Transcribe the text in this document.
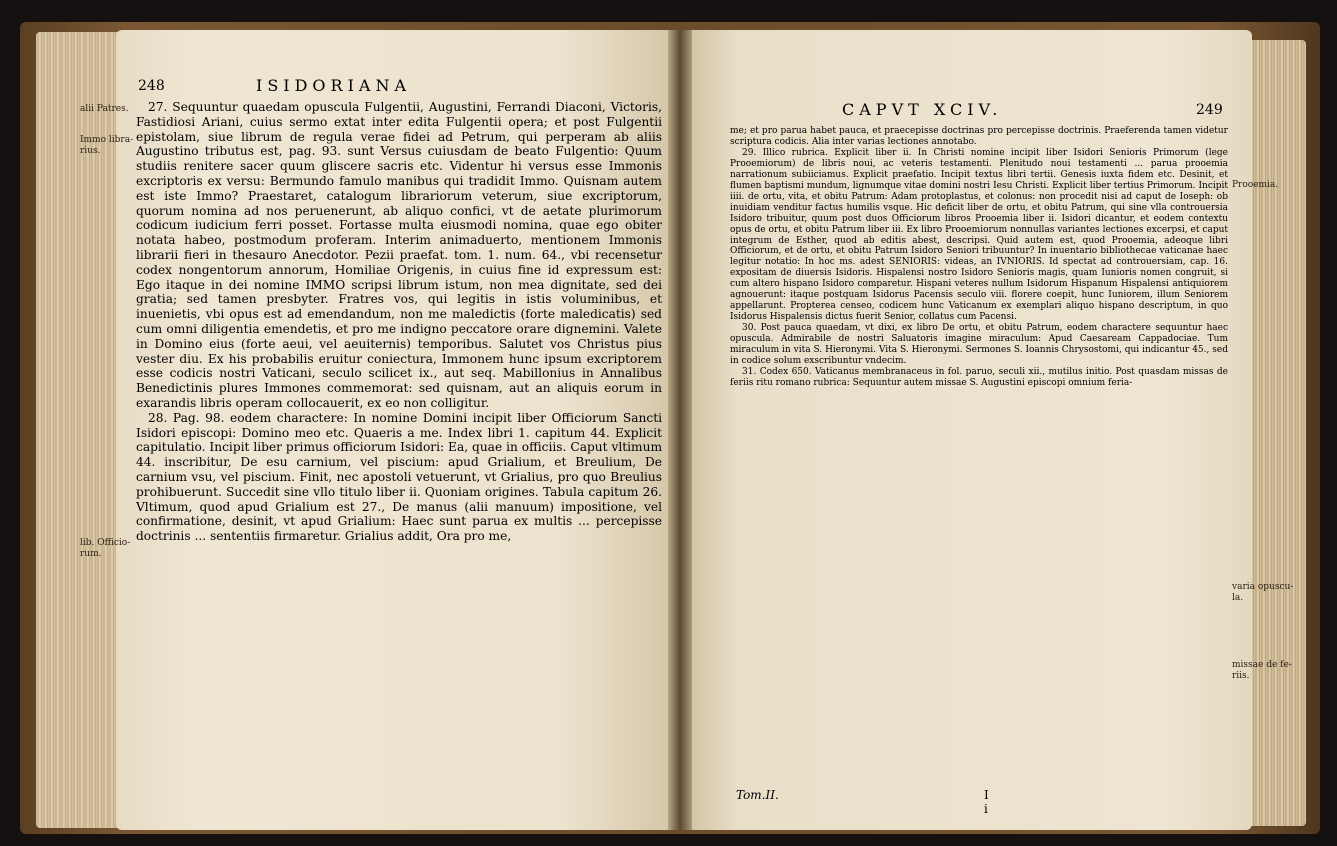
248	ISIDORIANA
alii Patres.
Immo libra-
rius.
lib. Officio-
rum.

27. Sequuntur quaedam opuscula Fulgentii, Augustini, Ferrandi Diaconi, Victoris, Fastidiosi Ariani, cuius sermo extat inter edita Fulgentii opera; et post Fulgentii epistolam, siue librum de regula verae fidei ad Petrum, qui perperam ab aliis Augustino tributus est, pag. 93. sunt Versus cuiusdam de beato Fulgentio: Quum studiis renitere sacer quum gliscere sacris etc. Videntur hi versus esse Immonis excriptoris ex versu: Bermundo famulo manibus qui tradidit Immo. Quisnam autem est iste Immo? Praestaret, catalogum librariorum veterum, siue excriptorum, quorum nomina ad nos peruenerunt, ab aliquo confici, vt de aetate plurimorum codicum iudicium ferri posset. Fortasse multa eiusmodi nomina, quae ego obiter notata habeo, postmodum proferam. Interim animaduerto, mentionem Immonis librarii fieri in thesauro Anecdotor. Pezii praefat. tom. 1. num. 64., vbi recensetur codex nongentorum annorum, Homiliae Origenis, in cuius fine id expressum est: Ego itaque in dei nomine IMMO scripsi librum istum, non mea dignitate, sed dei gratia; sed tamen presbyter. Fratres vos, qui legitis in istis voluminibus, et inuenietis, vbi opus est ad emendandum, non me maledictis (forte maledicatis) sed cum omni diligentia emendetis, et pro me indigno peccatore orare dignemini. Valete in Domino eius (forte aeui, vel aeuiternis) temporibus. Salutet vos Christus pius vester diu. Ex his probabilis eruitur coniectura, Immonem hunc ipsum excriptorem esse codicis nostri Vaticani, seculo scilicet ix., aut seq. Mabillonius in Annalibus Benedictinis plures Immones commemorat: sed quisnam, aut an aliquis eorum in exarandis libris operam collocauerit, ex eo non colligitur.

28. Pag. 98. eodem charactere: In nomine Domini incipit liber Officiorum Sancti Isidori episcopi: Domino meo etc. Quaeris a me. Index libri 1. capitum 44. Explicit capitulatio. Incipit liber primus officiorum Isidori: Ea, quae in officiis. Caput vltimum 44. inscribitur, De esu carnium, vel piscium: apud Grialium, et Breulium, De carnium vsu, vel piscium. Finit, nec apostoli vetuerunt, vt Grialius, pro quo Breulius prohibuerunt. Succedit sine vllo titulo liber ii. Quoniam origines. Tabula capitum 26. Vltimum, quod apud Grialium est 27., De manus (alii manuum) impositione, vel confirmatione, desinit, vt apud Grialium: Haec sunt parua ex multis ... percepisse doctrinis ... sententiis firmaretur. Grialius addit, Ora pro me,

CAPVT XCIV.	249
Prooemia.
varia opuscu-
la.
missae de fe-
riis.

me; et pro parua habet pauca, et praecepisse doctrinas pro percepisse doctrinis. Praeferenda tamen videtur scriptura codicis. Alia inter varias lectiones annotabo.

29. Illico rubrica. Explicit liber ii. In Christi nomine incipit liber Isidori Senioris Primorum (lege Prooemiorum) de libris noui, ac veteris testamenti. Plenitudo noui testamenti ... parua prooemia narrationum subiiciamus. Explicit praefatio. Incipit textus libri tertii. Genesis iuxta fidem etc. Desinit, et flumen baptismi mundum, lignumque vitae domini nostri Iesu Christi. Explicit liber tertius Primorum. Incipit iiii. de ortu, vita, et obitu Patrum: Adam protoplastus, et colonus: non procedit nisi ad caput de Ioseph: ob inuidiam venditur factus humilis vsque. Hic deficit liber de ortu, et obitu Patrum, qui sine vlla controuersia Isidoro tribuitur, quum post duos Officiorum libros Prooemia liber ii. Isidori dicantur, et eodem contextu opus de ortu, et obitu Patrum liber iii. Ex libro Prooemiorum nonnullas variantes lectiones excerpsi, et caput integrum de Esther, quod ab editis abest, descripsi. Quid autem est, quod Prooemia, adeoque libri Officiorum, et de ortu, et obitu Patrum Isidoro Seniori tribuuntur? In inuentario bibliothecae vaticanae haec legitur notatio: In hoc ms. adest SENIORIS: videas, an IVNIORIS. Id spectat ad controuersiam, cap. 16. expositam de diuersis Isidoris. Hispalensi nostro Isidoro Senioris magis, quam Iunioris nomen congruit, si cum altero hispano Isidoro comparetur. Hispani veteres nullum Isidorum Hispanum Hispalensi antiquiorem agnouerunt: itaque postquam Isidorus Pacensis seculo viii. florere coepit, hunc Iuniorem, illum Seniorem appellarunt. Propterea censeo, codicem hunc Vaticanum ex exemplari aliquo hispano descriptum, in quo Isidorus Hispalensis dictus fuerit Senior, collatus cum Pacensi.

30. Post pauca quaedam, vt dixi, ex libro De ortu, et obitu Patrum, eodem charactere sequuntur haec opuscula. Admirabile de nostri Saluatoris imagine miraculum: Apud Caesaream Cappadociae. Tum miraculum in vita S. Hieronymi. Vita S. Hieronymi. Sermones S. Ioannis Chrysostomi, qui indicantur 45., sed in codice solum exscribuntur vndecim.

31. Codex 650. Vaticanus membranaceus in fol. paruo, seculi xii., mutilus initio. Post quasdam missas de feriis ritu romano rubrica: Sequuntur autem missae S. Augustini episcopi omnium feria-

Tom.II.	I i
